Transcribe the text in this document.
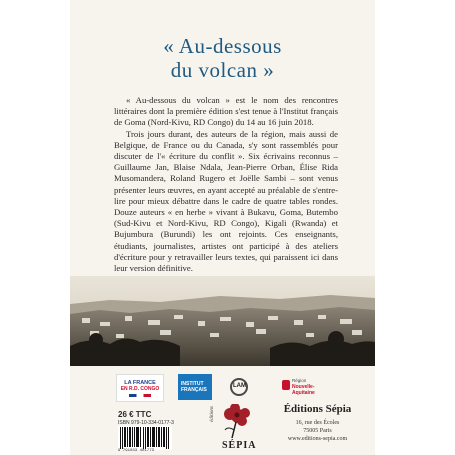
« Au-dessous
du volcan »

« Au-dessous du volcan » est le nom des rencontres littéraires dont la première édition s'est tenue à l'Institut français de Goma (Nord-Kivu, RD Congo) du 14 au 16 juin 2018.

Trois jours durant, des auteurs de la région, mais aussi de Belgique, de France ou du Canada, s'y sont rassemblés pour discuter de l'« écriture du conflit ». Six écrivains reconnus – Guillaume Jan, Blaise Ndala, Jean-Pierre Orban, Élise Rida Musomandera, Roland Rugero et Joëlle Sambi – sont venus présenter leurs œuvres, en ayant accepté au préalable de s'entre-lire pour mieux débattre dans le cadre de quatre tables rondes. Douze auteurs « en herbe » vivant à Bukavu, Goma, Butembo (Sud-Kivu et Nord-Kivu, RD Congo), Kigali (Rwanda) et Bujumbura (Burundi) les ont rejoints. Ces enseignants, étudiants, journalistes, artistes ont participé à des ateliers d'écriture pour y retravailler leurs textes, qui paraissent ici dans leur version définitive.

LA FRANCE
EN R.D. CONGO
INSTITUT
FRANÇAIS
LAM
Région
Nouvelle-
Aquitaine
26 € TTC
ISBN 979-10-334-0177-3
9 791033 401773
éditions
SÉPIA
Éditions Sépia
16, rue des Écoles
75005 Paris
www.editions-sepia.com
